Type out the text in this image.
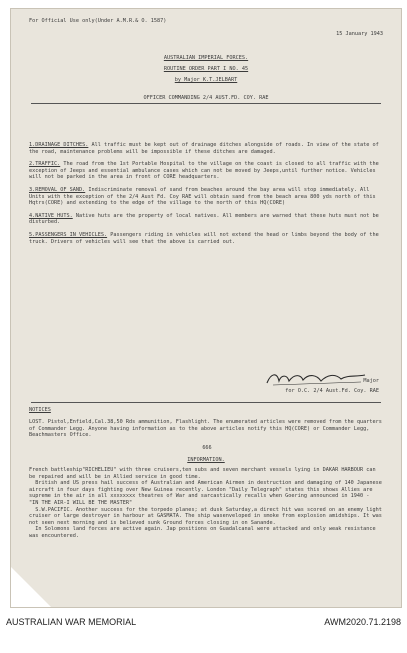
For Official Use only(Under A.M.R.& O. 1587)
15 January 1943
AUSTRALIAN IMPERIAL FORCES.
ROUTINE ORDER PART I NO. 45
by Major K.T.JELBART
OFFICER COMMANDING 2/4 AUST.FD. COY. RAE

1.DRAINAGE DITCHES. All traffic must be kept out of drainage ditches alongside of roads. In view of the state of the road, maintenance problems will be impossible if these ditches are damaged.

2.TRAFFIC. The road from the 1st Portable Hospital to the village on the coast is closed to all traffic with the exception of Jeeps and essential ambulance cases which can not be moved by Jeeps,until further notice. Vehicles will not be parked in the area in front of CORE headquarters.

3.REMOVAL OF SAND. Indiscriminate removal of sand from beaches around the bay area will stop immediately. All Units with the exception of the 2/4 Aust Fd. Coy RAE will obtain sand from the beach area 800 yds north of this Hqtrs(CORE) and extending to the edge of the village to the north of this HQ(CORE)

4.NATIVE HUTS. Native huts are the property of local natives. All members are warned that these huts must not be disturbed.

5.PASSENGERS IN VEHICLES. Passengers riding in vehicles will not extend the head or limbs beyond the body of the truck. Drivers of vehicles will see that the above is carried out.

Major
for O.C. 2/4 Aust.Fd. Coy. RAE
NOTICES

LOST. Pistol,Enfield,Cal.38,50 Rds ammunition, Flashlight. The enumerated articles were removed from the quarters of Commander Legg. Anyone having information as to the above articles notify this HQ(CORE) or Commander Legg, Beachmasters Office.

666

INFORMATION.
French battleship"RICHELIEU" with three cruisers,ten subs and seven merchant vessels lying in DAKAR HARBOUR can be repaired and will be in Allied service in good time.
British and US press hail success of Australian and American Airmen in destruction and damaging of 140 Japanese aircraft in four days fighting over New Guinea recently. London "Daily Telegraph" states this shows Allies are supreme in the air in all xxxxxxxx theatres of War and sarcastically recalls when Goering announced in 1940 -
"IN THE AIR-I WILL BE THE MASTER"
S.W.PACIFIC. Another success for the torpedo planes; at dusk Saturday,a direct hit was scored on an enemy light cruiser or large destroyer in harbour at GASMATA. The ship wasenveloped in smoke from explosion amidships. It was not seen next morning and is believed sunk Ground forces closing in on Sanande.
In Solomons land forces are active again. Jap positions on Guadalcanal were attacked and only weak resistance was encountered.
AUSTRALIAN WAR MEMORIAL	AWM2020.71.2198
